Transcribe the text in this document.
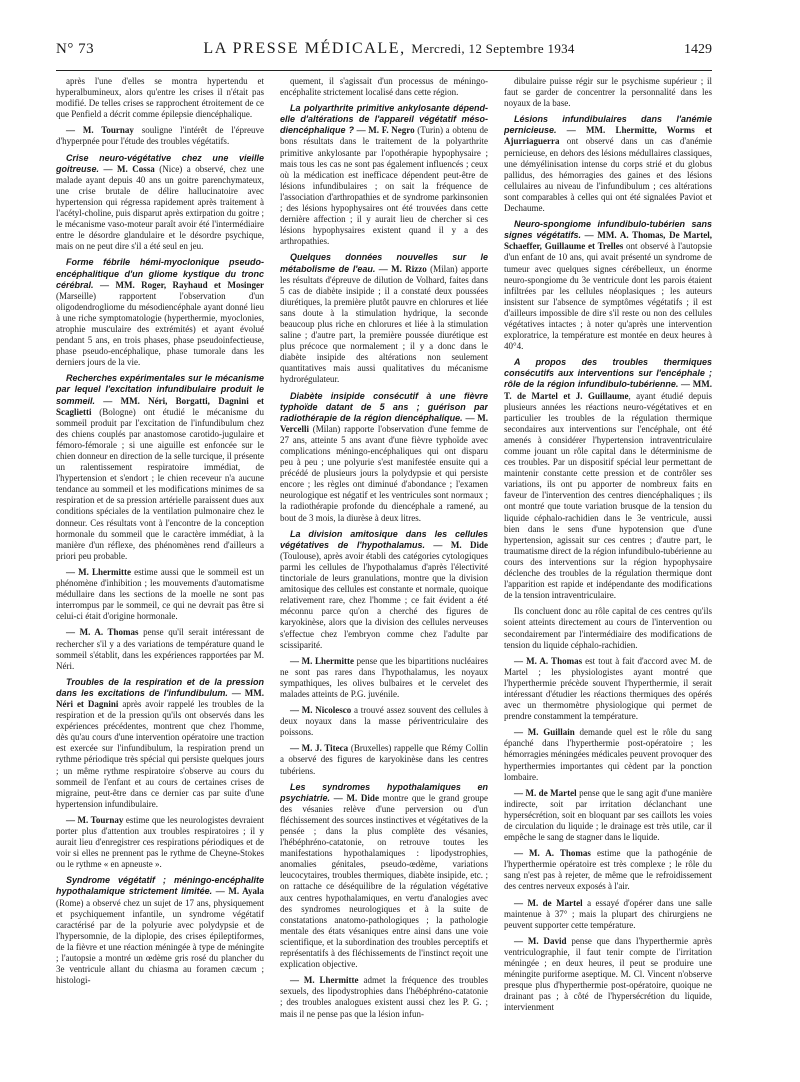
N° 73	LA PRESSE MÉDICALE, Mercredi, 12 Septembre 1934	1429

après l'une d'elles se montra hypertendu et hyperalbumineux, alors qu'entre les crises il n'était pas modifié. De telles crises se rapprochent étroitement de ce que Penfield a décrit comme épilepsie diencéphalique.

— M. Tournay souligne l'intérêt de l'épreuve d'hyperpnée pour l'étude des troubles végétatifs.

Crise neuro-végétative chez une vieille goitreuse. — M. Cossa (Nice) a observé, chez une malade ayant depuis 40 ans un goitre parenchymateux, une crise brutale de délire hallucinatoire avec hypertension qui régressa rapidement après traitement à l'acétyl-choline, puis disparut après extirpation du goitre ; le mécanisme vaso-moteur paraît avoir été l'intermédiaire entre le désordre glandulaire et le désordre psychique, mais on ne peut dire s'il a été seul en jeu.

Forme fébrile hémi-myoclonique pseudo-encéphalitique d'un gliome kystique du tronc cérébral. — MM. Roger, Rayhaud et Mosinger (Marseille) rapportent l'observation d'un oligodendrogliome du mésodiencéphale ayant donné lieu à une riche symptomatologie (hyperthermie, myoclonies, atrophie musculaire des extrémités) et ayant évolué pendant 5 ans, en trois phases, phase pseudoinfectieuse, phase pseudo-encéphalique, phase tumorale dans les derniers jours de la vie.

Recherches expérimentales sur le mécanisme par lequel l'excitation infundibulaire produit le sommeil. — MM. Néri, Borgatti, Dagnini et Scaglietti (Bologne) ont étudié le mécanisme du sommeil produit par l'excitation de l'infundibulum chez des chiens couplés par anastomose carotido-jugulaire et fémoro-fémorale ; si une aiguille est enfoncée sur le chien donneur en direction de la selle turcique, il présente un ralentissement respiratoire immédiat, de l'hypertension et s'endort ; le chien receveur n'a aucune tendance au sommeil et les modifications minimes de sa respiration et de sa pression artérielle paraissent dues aux conditions spéciales de la ventilation pulmonaire chez le donneur. Ces résultats vont à l'encontre de la conception hormonale du sommeil que le caractère immédiat, à la manière d'un réflexe, des phénomènes rend d'ailleurs a priori peu probable.

— M. Lhermitte estime aussi que le sommeil est un phénomène d'inhibition ; les mouvements d'automatisme médullaire dans les sections de la moelle ne sont pas interrompus par le sommeil, ce qui ne devrait pas être si celui-ci était d'origine hormonale.

— M. A. Thomas pense qu'il serait intéressant de rechercher s'il y a des variations de température quand le sommeil s'établit, dans les expériences rapportées par M. Néri.

Troubles de la respiration et de la pression dans les excitations de l'infundibulum. — MM. Néri et Dagnini après avoir rappelé les troubles de la respiration et de la pression qu'ils ont observés dans les expériences précédentes, montrent que chez l'homme, dès qu'au cours d'une intervention opératoire une traction est exercée sur l'infundibulum, la respiration prend un rythme périodique très spécial qui persiste quelques jours ; un même rythme respiratoire s'observe au cours du sommeil de l'enfant et au cours de certaines crises de migraine, peut-être dans ce dernier cas par suite d'une hypertension infundibulaire.

— M. Tournay estime que les neurologistes devraient porter plus d'attention aux troubles respiratoires ; il y aurait lieu d'enregistrer ces respirations périodiques et de voir si elles ne prennent pas le rythme de Cheyne-Stokes ou le rythme « en apneuste ».

Syndrome végétatif ; méningo-encéphalite hypothalamique strictement limitée. — M. Ayala (Rome) a observé chez un sujet de 17 ans, physiquement et psychiquement infantile, un syndrome végétatif caractérisé par de la polyurie avec polydypsie et de l'hypersomnie, de la diplopie, des crises épileptiformes, de la fièvre et une réaction méningée à type de méningite ; l'autopsie a montré un œdème gris rosé du plancher du 3e ventricule allant du chiasma au foramen cæcum ; histologi-

quement, il s'agissait d'un processus de méningo-encéphalite strictement localisé dans cette région.

La polyarthrite primitive ankylosante dépend-elle d'altérations de l'appareil végétatif méso-diencéphalique ? — M. F. Negro (Turin) a obtenu de bons résultats dans le traitement de la polyarthrite primitive ankylosante par l'opothérapie hypophysaire ; mais tous les cas ne sont pas également influencés ; ceux où la médication est inefficace dépendent peut-être de lésions infundibulaires ; on sait la fréquence de l'association d'arthropathies et de syndrome parkinsonien ; des lésions hypophysaires ont été trouvées dans cette dernière affection ; il y aurait lieu de chercher si ces lésions hypophysaires existent quand il y a des arthropathies.

Quelques données nouvelles sur le métabolisme de l'eau. — M. Rizzo (Milan) apporte les résultats d'épreuve de dilution de Volhard, faites dans 5 cas de diabète insipide ; il a constaté deux poussées diurétiques, la première plutôt pauvre en chlorures et liée sans doute à la stimulation hydrique, la seconde beaucoup plus riche en chlorures et liée à la stimulation saline ; d'autre part, la première poussée diurétique est plus précoce que normalement ; il y a donc dans le diabète insipide des altérations non seulement quantitatives mais aussi qualitatives du mécanisme hydrorégulateur.

Diabète insipide consécutif à une fièvre typhoïde datant de 5 ans ; guérison par radiothérapie de la région diencéphalique. — M. Vercelli (Milan) rapporte l'observation d'une femme de 27 ans, atteinte 5 ans avant d'une fièvre typhoïde avec complications méningo-encéphaliques qui ont disparu peu à peu ; une polyurie s'est manifestée ensuite qui a précédé de plusieurs jours la polydypsie et qui persiste encore ; les règles ont diminué d'abondance ; l'examen neurologique est négatif et les ventricules sont normaux ; la radiothérapie profonde du diencéphale a ramené, au bout de 3 mois, la diurèse à deux litres.

La division amitosique dans les cellules végétatives de l'hypothalamus. — M. Dide (Toulouse), après avoir établi des catégories cytologiques parmi les cellules de l'hypothalamus d'après l'électivité tinctoriale de leurs granulations, montre que la division amitosique des cellules est constante et normale, quoique relativement rare, chez l'homme ; ce fait évident a été méconnu parce qu'on a cherché des figures de karyokinèse, alors que la division des cellules nerveuses s'effectue chez l'embryon comme chez l'adulte par scissiparité.

— M. Lhermitte pense que les bipartitions nucléaires ne sont pas rares dans l'hypothalamus, les noyaux sympathiques, les olives bulbaires et le cervelet des malades atteints de P.G. juvénile.

— M. Nicolesco a trouvé assez souvent des cellules à deux noyaux dans la masse périventriculaire des poissons.

— M. J. Titeca (Bruxelles) rappelle que Rémy Collin a observé des figures de karyokinèse dans les centres tubériens.

Les syndromes hypothalamiques en psychiatrie. — M. Dide montre que le grand groupe des vésanies relève d'une perversion ou d'un fléchissement des sources instinctives et végétatives de la pensée ; dans la plus complète des vésanies, l'hébéphréno-catatonie, on retrouve toutes les manifestations hypothalamiques : lipodystrophies, anomalies génitales, pseudo-œdème, variations leucocytaires, troubles thermiques, diabète insipide, etc. ; on rattache ce déséquilibre de la régulation végétative aux centres hypothalamiques, en vertu d'analogies avec des syndromes neurologiques et à la suite de constatations anatomo-pathologiques ; la pathologie mentale des états vésaniques entre ainsi dans une voie scientifique, et la subordination des troubles perceptifs et représentatifs à des fléchissements de l'instinct reçoit une explication objective.

— M. Lhermitte admet la fréquence des troubles sexuels, des lipodystrophies dans l'hébéphréno-catatonie ; des troubles analogues existent aussi chez les P. G. ; mais il ne pense pas que la lésion infun-

dibulaire puisse régir sur le psychisme supérieur ; il faut se garder de concentrer la personnalité dans les noyaux de la base.

Lésions infundibulaires dans l'anémie pernicieuse. — MM. Lhermitte, Worms et Ajurriaguerra ont observé dans un cas d'anémie pernicieuse, en dehors des lésions médullaires classiques, une démyélinisation intense du corps strié et du globus pallidus, des hémorragies des gaines et des lésions cellulaires au niveau de l'infundibulum ; ces altérations sont comparables à celles qui ont été signalées Paviot et Dechaume.

Neuro-spongiome infundibulo-tubérien sans signes végétatifs. — MM. A. Thomas, De Martel, Schaeffer, Guillaume et Trelles ont observé à l'autopsie d'un enfant de 10 ans, qui avait présenté un syndrome de tumeur avec quelques signes cérébelleux, un énorme neuro-spongiome du 3e ventricule dont les parois étaient infiltrées par les cellules néoplasiques ; les auteurs insistent sur l'absence de symptômes végétatifs ; il est d'ailleurs impossible de dire s'il reste ou non des cellules végétatives intactes ; à noter qu'après une intervention exploratrice, la température est montée en deux heures à 40°4.

A propos des troubles thermiques consécutifs aux interventions sur l'encéphale ; rôle de la région infundibulo-tubérienne. — MM. T. de Martel et J. Guillaume, ayant étudié depuis plusieurs années les réactions neuro-végétatives et en particulier les troubles de la régulation thermique secondaires aux interventions sur l'encéphale, ont été amenés à considérer l'hypertension intraventriculaire comme jouant un rôle capital dans le déterminisme de ces troubles. Par un dispositif spécial leur permettant de maintenir constante cette pression et de contrôler ses variations, ils ont pu apporter de nombreux faits en faveur de l'intervention des centres diencéphaliques ; ils ont montré que toute variation brusque de la tension du liquide céphalo-rachidien dans le 3e ventricule, aussi bien dans le sens d'une hypotension que d'une hypertension, agissait sur ces centres ; d'autre part, le traumatisme direct de la région infundibulo-tubérienne au cours des interventions sur la région hypophysaire déclenche des troubles de la régulation thermique dont l'apparition est rapide et indépendante des modifications de la tension intraventriculaire.

Ils concluent donc au rôle capital de ces centres qu'ils soient atteints directement au cours de l'intervention ou secondairement par l'intermédiaire des modifications de tension du liquide céphalo-rachidien.

— M. A. Thomas est tout à fait d'accord avec M. de Martel ; les physiologistes ayant montré que l'hyperthermie précède souvent l'hyperthermie, il serait intéressant d'étudier les réactions thermiques des opérés avec un thermomètre physiologique qui permet de prendre constamment la température.

— M. Guillain demande quel est le rôle du sang épanché dans l'hyperthermie post-opératoire ; les hémorragies méningées médicales peuvent provoquer des hyperthermies importantes qui cèdent par la ponction lombaire.

— M. de Martel pense que le sang agit d'une manière indirecte, soit par irritation déclanchant une hypersécrétion, soit en bloquant par ses caillots les voies de circulation du liquide ; le drainage est très utile, car il empêche le sang de stagner dans le liquide.

— M. A. Thomas estime que la pathogénie de l'hyperthermie opératoire est très complexe ; le rôle du sang n'est pas à rejeter, de même que le refroidissement des centres nerveux exposés à l'air.

— M. de Martel a essayé d'opérer dans une salle maintenue à 37° ; mais la plupart des chirurgiens ne peuvent supporter cette température.

— M. David pense que dans l'hyperthermie après ventriculographie, il faut tenir compte de l'irritation méningée ; en deux heures, il peut se produire une méningite puriforme aseptique. M. Cl. Vincent n'observe presque plus d'hyperthermie post-opératoire, quoique ne drainant pas ; à côté de l'hypersécrétion du liquide, intervienment
